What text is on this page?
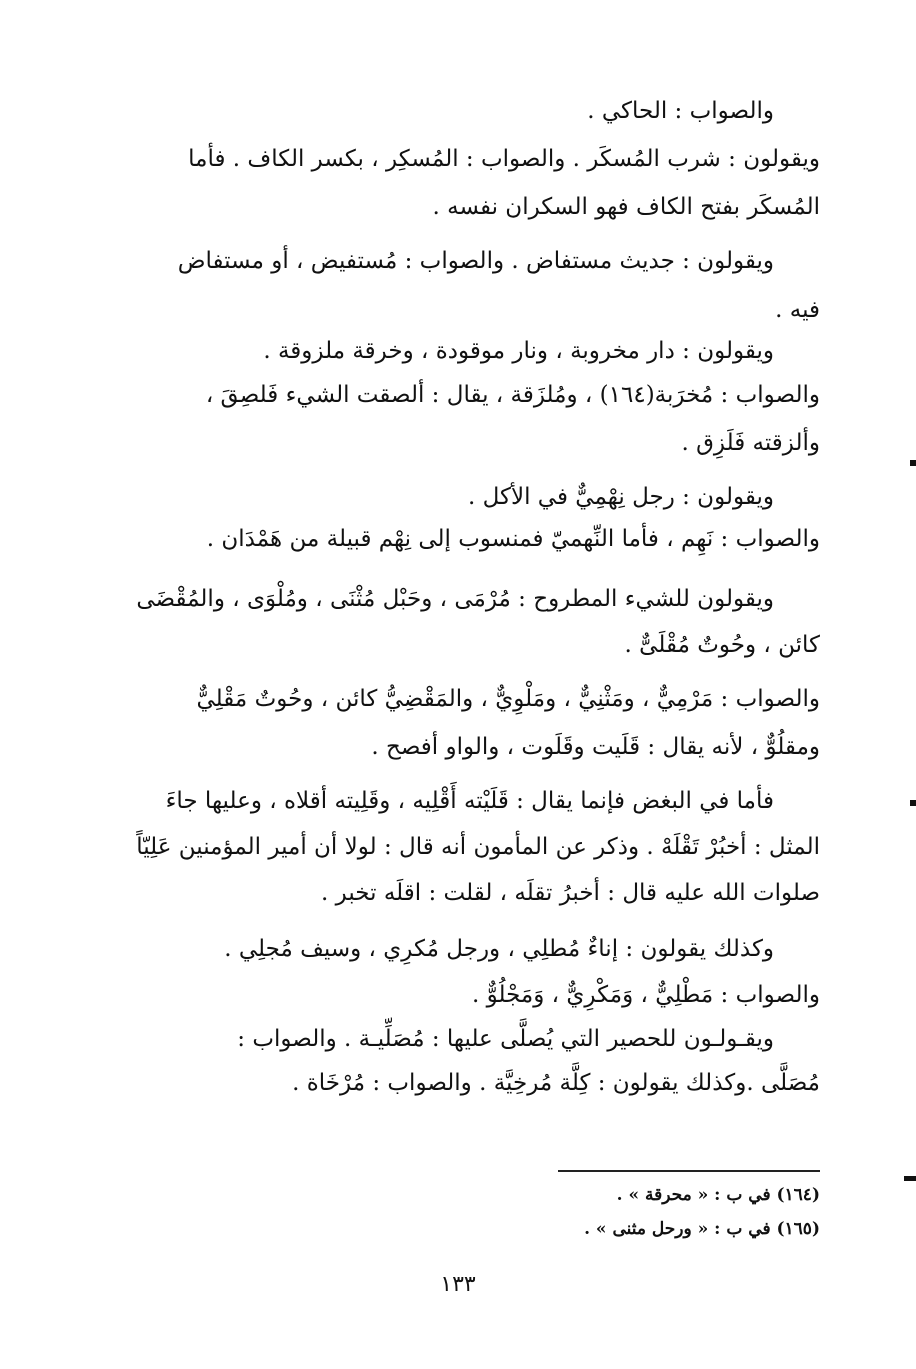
والصواب : الحاكي .
ويقولون : شرب المُسكَر . والصواب : المُسكِر ، بكسر الكاف . فأما
المُسكَر بفتح الكاف فهو السكران نفسه .
ويقولون : جديث مستفاض . والصواب : مُستفيض ، أو مستفاض
فيه .
ويقولون : دار مخروبة ، ونار موقودة ، وخرقة ملزوقة .
والصواب : مُخرَبة(١٦٤) ، ومُلزَقة ، يقال : ألصقت الشيء فَلصِقَ ،
وألزقته فَلَزِق .
ويقولون : رجل نِهْمِيٌّ في الأكل .
والصواب : نَهِم ، فأما النِّهميّ فمنسوب إلى نِهْم قبيلة من هَمْدَان .
ويقولون للشيء المطروح : مُرْمَى ، وحَبْل مُثْنَى ، ومُلْوَى ، والمُقْضَى
كائن ، وحُوتٌ مُقْلَىٌّ .
والصواب : مَرْمِيٌّ ، ومَثْنِيٌّ ، ومَلْوِيٌّ ، والمَقْضِيُّ كائن ، وحُوتٌ مَقْلِيٌّ
ومقلُوٌّ ، لأنه يقال : قَلَيت وقَلَوت ، والواو أفصح .
فأما في البغض فإنما يقال : قَلَيْته أَقْلِيه ، وقَلِيته أقلاه ، وعليها جاءَ
المثل : أخبُرْ تَقْلَهْ . وذكر عن المأمون أنه قال : لولا أن أمير المؤمنين عَلِيّاً
صلوات الله عليه قال : أخبرُ تقلَه ، لقلت : اقلَه تخبر .
وكذلك يقولون : إناءٌ مُطلِي ، ورجل مُكرِي ، وسيف مُجلِي .
والصواب : مَطْلِيٌّ ، وَمَكْرِيٌّ ، وَمَجْلُوٌّ .
ويقـولـون للحصير التي يُصلَّى عليها : مُصَلِّيـة . والصواب :
مُصَلَّى .وكذلك يقولون : كِلَّة مُرخِيَّة . والصواب : مُرْخَاة .
(١٦٤) في ب : « محرقة » .
(١٦٥) في ب : « ورحل مثنى » .
١٣٣
